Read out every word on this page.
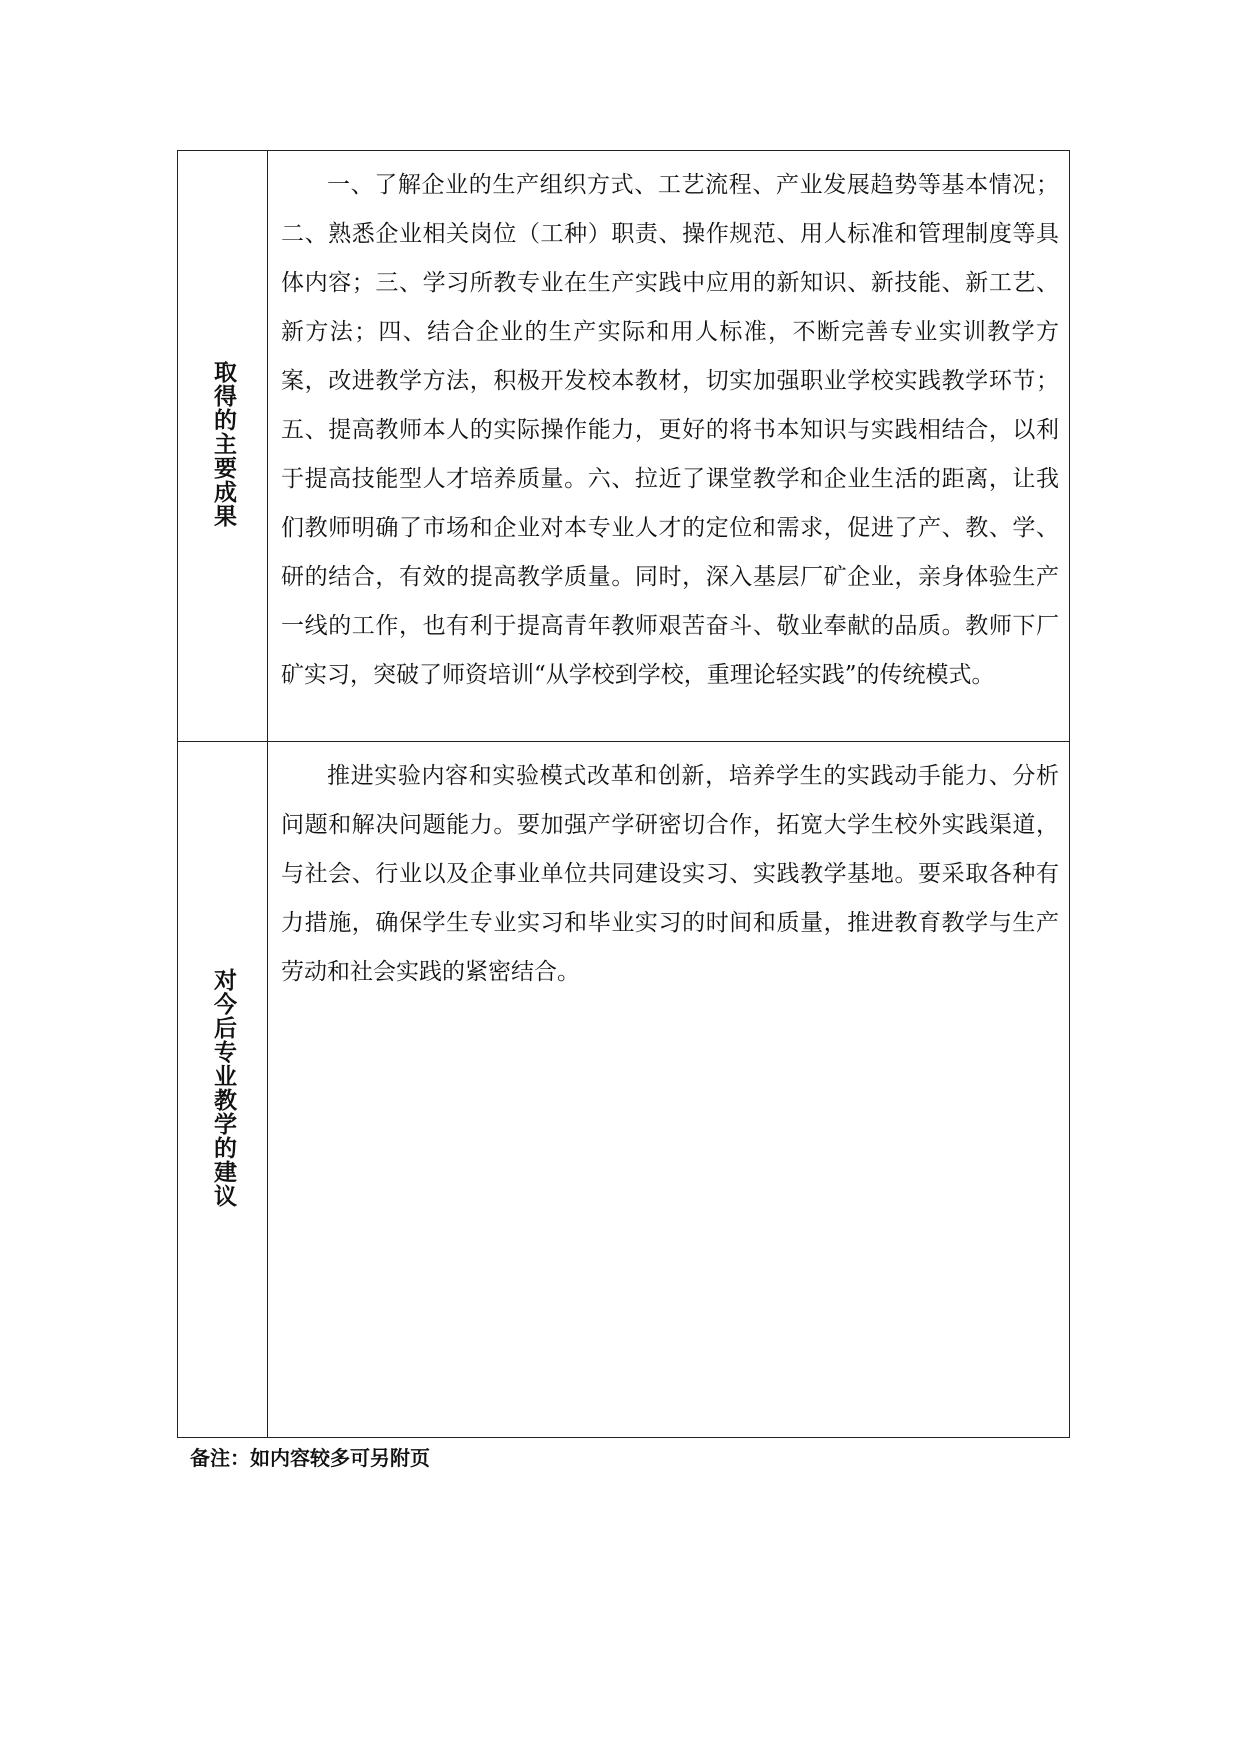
取得的主要成果	一、了解企业的生产组织方式、工艺流程、产业发展趋势等基本情况；二、熟悉企业相关岗位（工种）职责、操作规范、用人标准和管理制度等具体内容；三、学习所教专业在生产实践中应用的新知识、新技能、新工艺、新方法；四、结合企业的生产实际和用人标准，不断完善专业实训教学方案，改进教学方法，积极开发校本教材，切实加强职业学校实践教学环节；五、提高教师本人的实际操作能力，更好的将书本知识与实践相结合，以利于提高技能型人才培养质量。六、拉近了课堂教学和企业生活的距离，让我们教师明确了市场和企业对本专业人才的定位和需求，促进了产、教、学、研的结合，有效的提高教学质量。同时，深入基层厂矿企业，亲身体验生产一线的工作，也有利于提高青年教师艰苦奋斗、敬业奉献的品质。教师下厂矿实习，突破了师资培训“从学校到学校，重理论轻实践”的传统模式。

对今后专业教学的建议	推进实验内容和实验模式改革和创新，培养学生的实践动手能力、分析问题和解决问题能力。要加强产学研密切合作，拓宽大学生校外实践渠道，与社会、行业以及企事业单位共同建设实习、实践教学基地。要采取各种有力措施，确保学生专业实习和毕业实习的时间和质量，推进教育教学与生产劳动和社会实践的紧密结合。

备注：如内容较多可另附页
